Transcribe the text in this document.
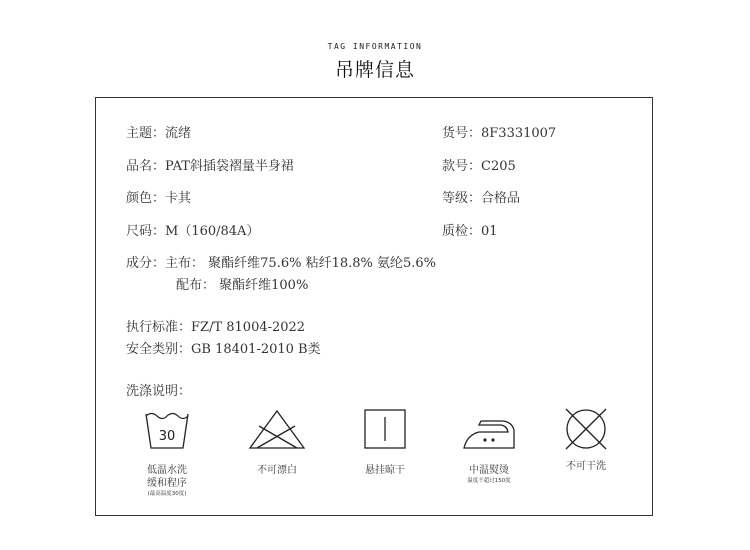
TAG INFORMATION
吊牌信息
主题：流绪	货号：8F3331007
品名：PAT斜插袋褶量半身裙	款号：C205
颜色：卡其	等级：合格品
尺码：M（160/84A）	质检：01
成分：主布： 聚酯纤维75.6% 粘纤18.8% 氨纶5.6%
配布： 聚酯纤维100%
执行标准：FZ/T 81004-2022
安全类别：GB 18401-2010 B类
洗涤说明：
30
低温水洗
缓和程序
(最高温度30度)
不可漂白	悬挂晾干	中温熨烫
温度不超过150度
不可干洗
